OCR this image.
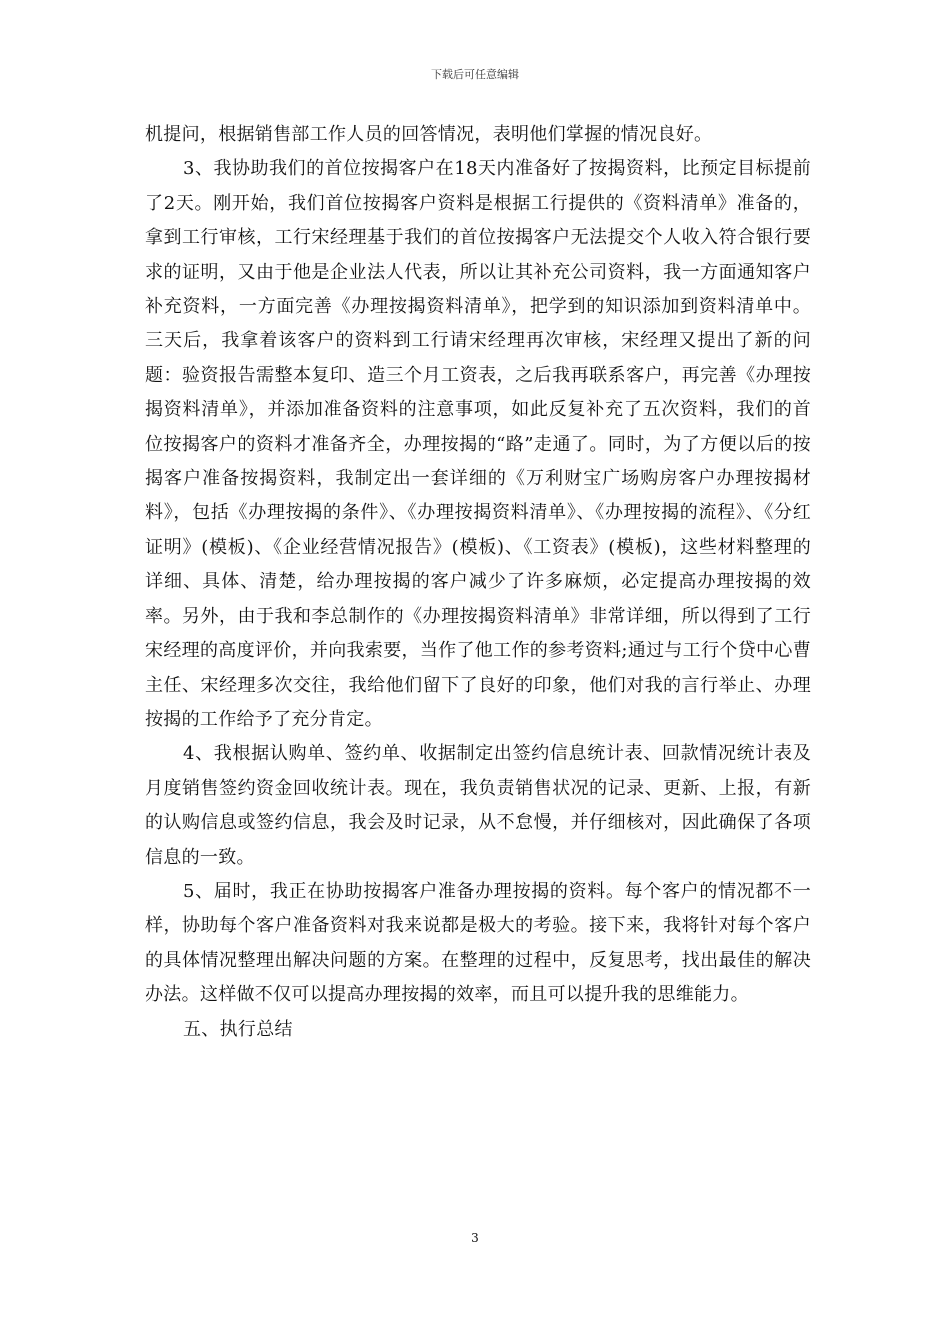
下载后可任意编辑

机提问，根据销售部工作人员的回答情况，表明他们掌握的情况良好。

3、我协助我们的首位按揭客户在18天内准备好了按揭资料，比预定目标提前了2天。刚开始，我们首位按揭客户资料是根据工行提供的《资料清单》准备的，拿到工行审核，工行宋经理基于我们的首位按揭客户无法提交个人收入符合银行要求的证明，又由于他是企业法人代表，所以让其补充公司资料，我一方面通知客户补充资料，一方面完善《办理按揭资料清单》，把学到的知识添加到资料清单中。三天后，我拿着该客户的资料到工行请宋经理再次审核，宋经理又提出了新的问题：验资报告需整本复印、造三个月工资表，之后我再联系客户，再完善《办理按揭资料清单》，并添加准备资料的注意事项，如此反复补充了五次资料，我们的首位按揭客户的资料才准备齐全，办理按揭的“路”走通了。同时，为了方便以后的按揭客户准备按揭资料，我制定出一套详细的《万利财宝广场购房客户办理按揭材料》，包括《办理按揭的条件》、《办理按揭资料清单》、《办理按揭的流程》、《分红证明》(模板)、《企业经营情况报告》(模板)、《工资表》(模板)，这些材料整理的详细、具体、清楚，给办理按揭的客户减少了许多麻烦，必定提高办理按揭的效率。另外，由于我和李总制作的《办理按揭资料清单》非常详细，所以得到了工行宋经理的高度评价，并向我索要，当作了他工作的参考资料;通过与工行个贷中心曹主任、宋经理多次交往，我给他们留下了良好的印象，他们对我的言行举止、办理按揭的工作给予了充分肯定。

4、我根据认购单、签约单、收据制定出签约信息统计表、回款情况统计表及月度销售签约资金回收统计表。现在，我负责销售状况的记录、更新、上报，有新的认购信息或签约信息，我会及时记录，从不怠慢，并仔细核对，因此确保了各项信息的一致。

5、届时，我正在协助按揭客户准备办理按揭的资料。每个客户的情况都不一样，协助每个客户准备资料对我来说都是极大的考验。接下来，我将针对每个客户的具体情况整理出解决问题的方案。在整理的过程中，反复思考，找出最佳的解决办法。这样做不仅可以提高办理按揭的效率，而且可以提升我的思维能力。

五、执行总结

3
